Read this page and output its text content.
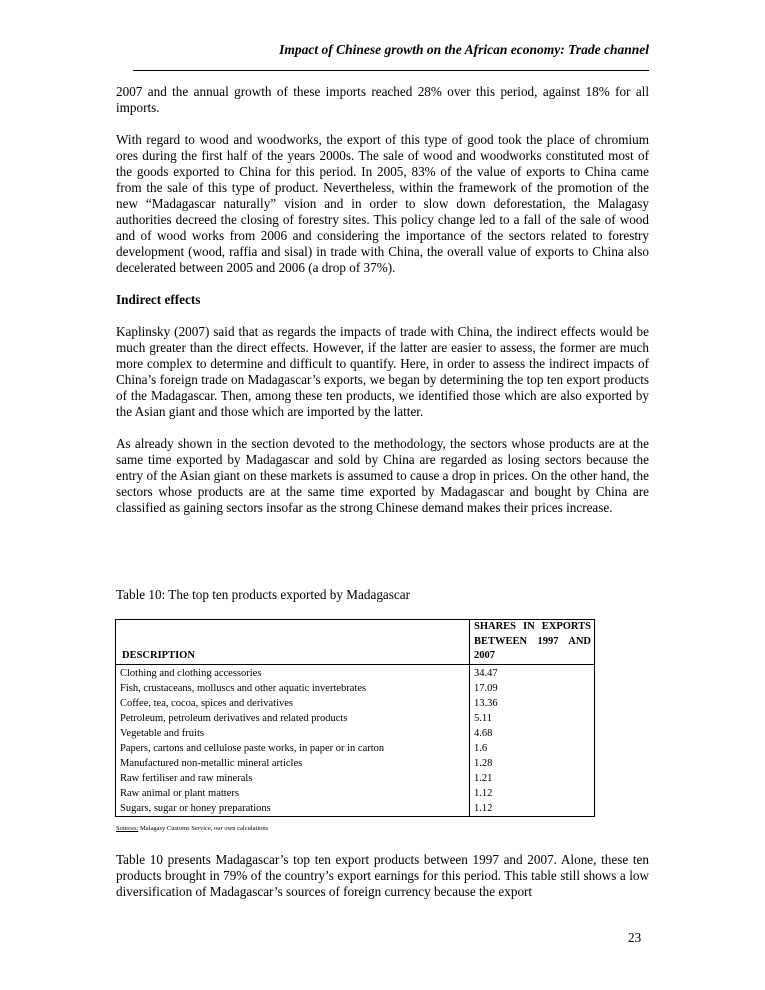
Impact of Chinese growth on the African economy: Trade channel

2007 and the annual growth of these imports reached 28% over this period, against 18% for all imports.

With regard to wood and woodworks, the export of this type of good took the place of chromium ores during the first half of the years 2000s. The sale of wood and woodworks constituted most of the goods exported to China for this period. In 2005, 83% of the value of exports to China came from the sale of this type of product. Nevertheless, within the framework of the promotion of the new “Madagascar naturally” vision and in order to slow down deforestation, the Malagasy authorities decreed the closing of forestry sites. This policy change led to a fall of the sale of wood and of wood works from 2006 and considering the importance of the sectors related to forestry development (wood, raffia and sisal) in trade with China, the overall value of exports to China also decelerated between 2005 and 2006 (a drop of 37%).

Indirect effects

Kaplinsky (2007) said that as regards the impacts of trade with China, the indirect effects would be much greater than the direct effects. However, if the latter are easier to assess, the former are much more complex to determine and difficult to quantify. Here, in order to assess the indirect impacts of China’s foreign trade on Madagascar’s exports, we began by determining the top ten export products of the Madagascar. Then, among these ten products, we identified those which are also exported by the Asian giant and those which are imported by the latter.

As already shown in the section devoted to the methodology, the sectors whose products are at the same time exported by Madagascar and sold by China are regarded as losing sectors because the entry of the Asian giant on these markets is assumed to cause a drop in prices. On the other hand, the sectors whose products are at the same time exported by Madagascar and bought by China are classified as gaining sectors insofar as the strong Chinese demand makes their prices increase.

Table 10: The top ten products exported by Madagascar
DESCRIPTION	SHARES IN EXPORTS BETWEEN 1997 AND 2007
Clothing and clothing accessories	34.47
Fish, crustaceans, molluscs and other aquatic invertebrates	17.09
Coffee, tea, cocoa, spices and derivatives	13.36
Petroleum, petroleum derivatives and related products	5.11
Vegetable and fruits	4.68
Papers, cartons and cellulose paste works, in paper or in carton	1.6
Manufactured non-metallic mineral articles	1.28
Raw fertiliser and raw minerals	1.21
Raw animal or plant matters	1.12
Sugars, sugar or honey preparations	1.12
Sources: Malagasy Customs Service, our own calculations

Table 10 presents Madagascar’s top ten export products between 1997 and 2007. Alone, these ten products brought in 79% of the country’s export earnings for this period. This table still shows a low diversification of Madagascar’s sources of foreign currency because the export

23
